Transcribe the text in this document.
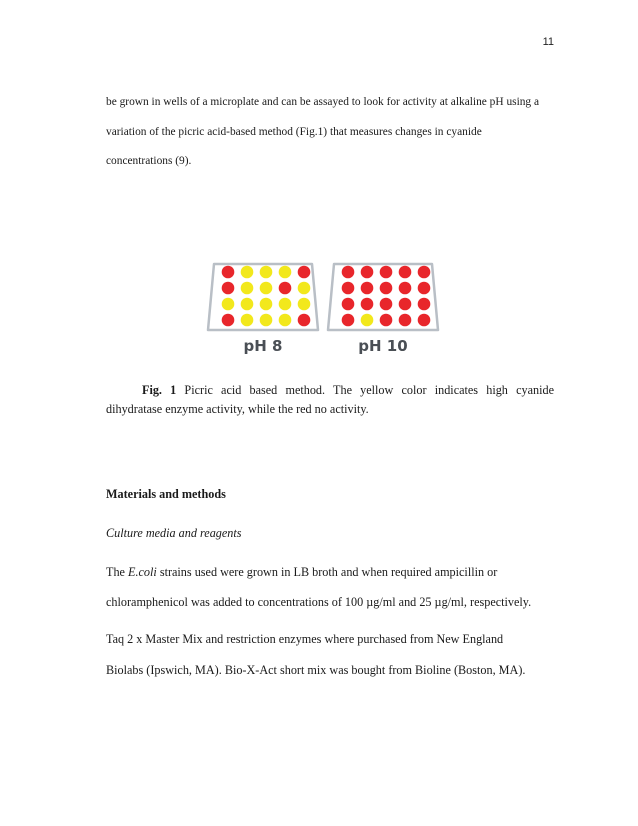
11
be grown in wells of a microplate and can be assayed to look for activity at alkaline pH using a
variation of the picric acid-based method (Fig.1) that measures changes in cyanide
concentrations (9).
pH 8	pH 10
Fig. 1 Picric acid based method. The yellow color indicates high cyanide dihydratase enzyme activity, while the red no activity.
Materials and methods
Culture media and reagents
The E.coli strains used were grown in LB broth and when required ampicillin or
chloramphenicol was added to concentrations of 100 µg/ml and 25 µg/ml, respectively.
Taq 2 x Master Mix and restriction enzymes where purchased from New England
Biolabs (Ipswich, MA). Bio-X-Act short mix was bought from Bioline (Boston, MA).
